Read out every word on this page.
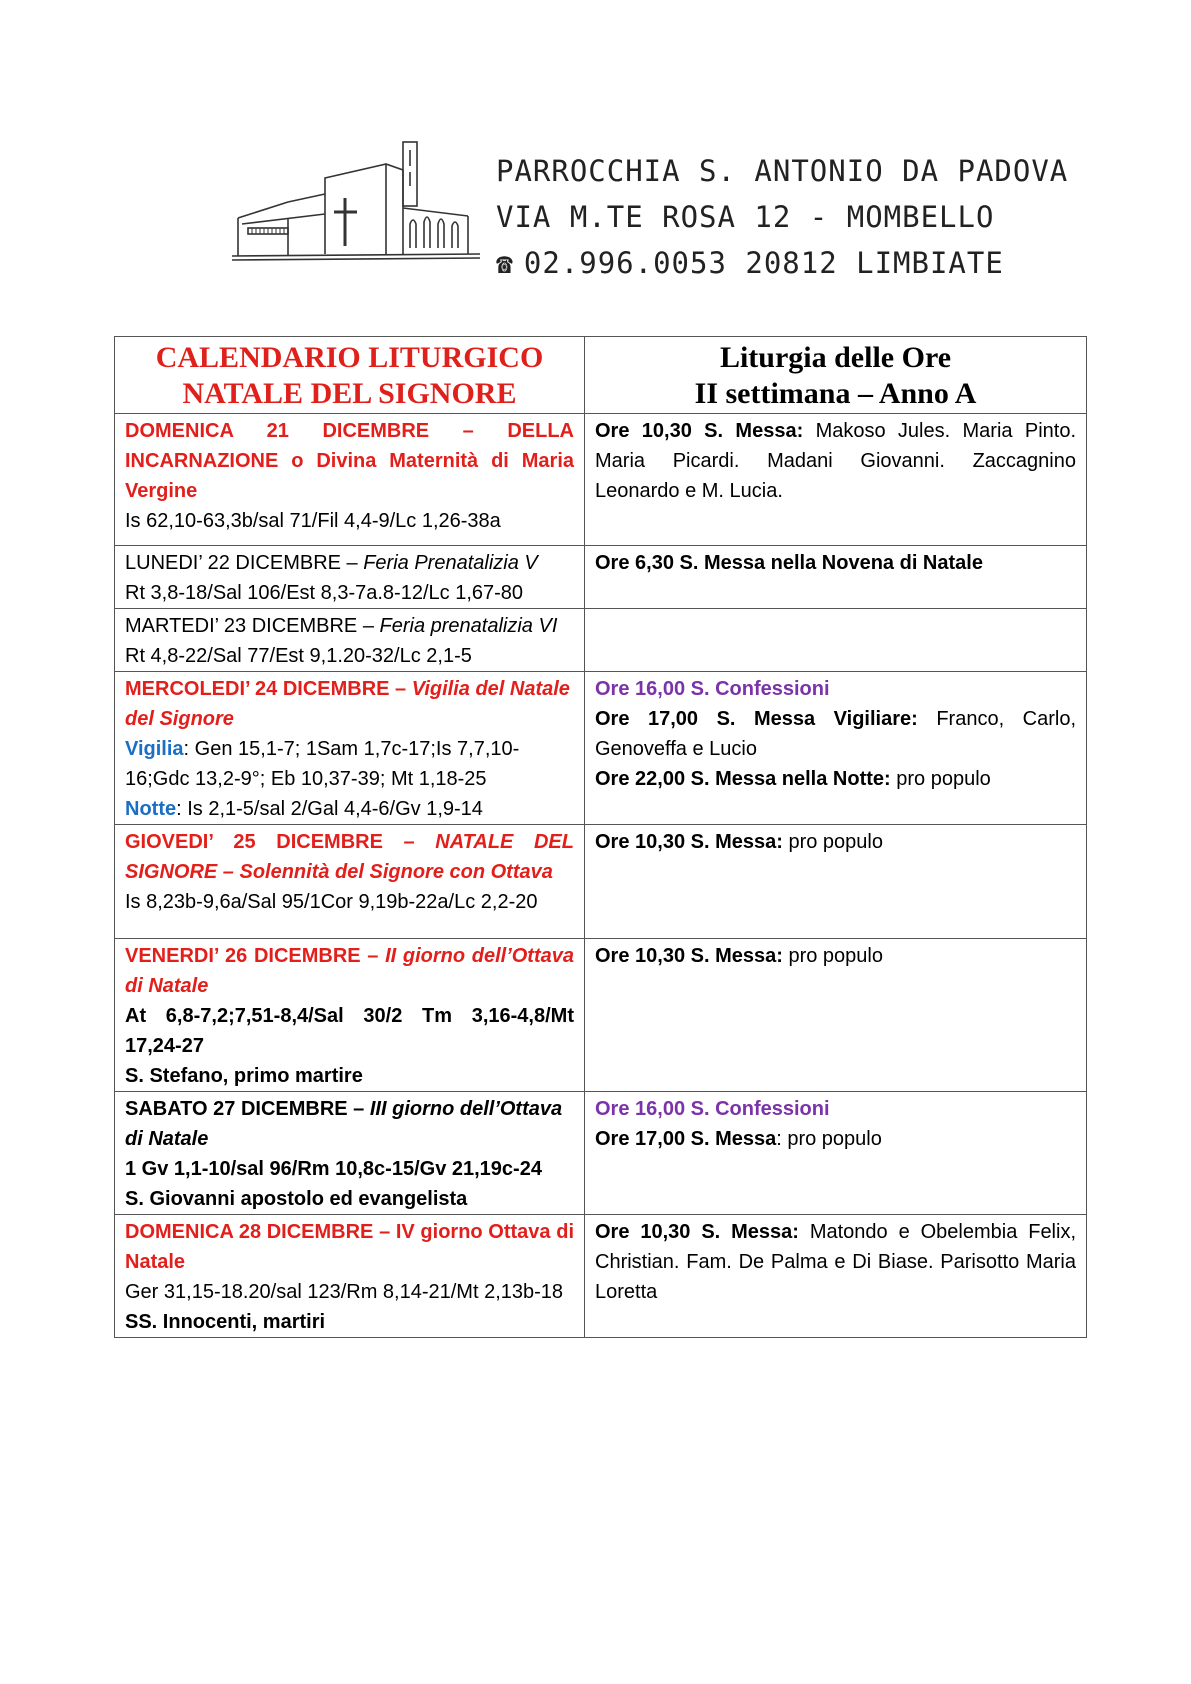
PARROCCHIA S. ANTONIO DA PADOVA
VIA M.TE ROSA 12 - MOMBELLO
☎ 02.996.0053 20812 LIMBIATE
CALENDARIO LITURGICO
NATALE DEL SIGNORE	Liturgia delle Ore
II settimana – Anno A

DOMENICA 21 DICEMBRE – DELLA INCARNAZIONE o Divina Maternità di Maria Vergine
Is 62,10-63,3b/sal 71/Fil 4,4-9/Lc 1,26-38a	Ore 10,30 S. Messa: Makoso Jules. Maria Pinto. Maria Picardi. Madani Giovanni. Zaccagnino Leonardo e M. Lucia.

LUNEDI’ 22 DICEMBRE – Feria Prenatalizia V
Rt 3,8-18/Sal 106/Est 8,3-7a.8-12/Lc 1,67-80	Ore 6,30 S. Messa nella Novena di Natale

MARTEDI’ 23 DICEMBRE – Feria prenatalizia VI
Rt 4,8-22/Sal 77/Est 9,1.20-32/Lc 2,1-5	

MERCOLEDI’ 24 DICEMBRE – Vigilia del Natale del Signore
Vigilia: Gen 15,1-7; 1Sam 1,7c-17;Is 7,7,10-16;Gdc 13,2-9°; Eb 10,37-39; Mt 1,18-25
Notte: Is 2,1-5/sal 2/Gal 4,4-6/Gv 1,9-14	Ore 16,00 S. Confessioni
Ore 17,00 S. Messa Vigiliare: Franco, Carlo, Genoveffa e Lucio
Ore 22,00 S. Messa nella Notte: pro populo

GIOVEDI’ 25 DICEMBRE – NATALE DEL SIGNORE – Solennità del Signore con Ottava
Is 8,23b-9,6a/Sal 95/1Cor 9,19b-22a/Lc 2,2-20	Ore 10,30 S. Messa: pro populo

VENERDI’ 26 DICEMBRE – II giorno dell’Ottava di Natale
At 6,8-7,2;7,51-8,4/Sal 30/2 Tm 3,16-4,8/Mt 17,24-27
S. Stefano, primo martire	Ore 10,30 S. Messa: pro populo

SABATO 27 DICEMBRE – III giorno dell’Ottava di Natale
1 Gv 1,1-10/sal 96/Rm 10,8c-15/Gv 21,19c-24
S. Giovanni apostolo ed evangelista	Ore 16,00 S. Confessioni
Ore 17,00 S. Messa: pro populo

DOMENICA 28 DICEMBRE – IV giorno Ottava di Natale
Ger 31,15-18.20/sal 123/Rm 8,14-21/Mt 2,13b-18
SS. Innocenti, martiri	Ore 10,30 S. Messa: Matondo e Obelembia Felix, Christian. Fam. De Palma e Di Biase. Parisotto Maria Loretta
